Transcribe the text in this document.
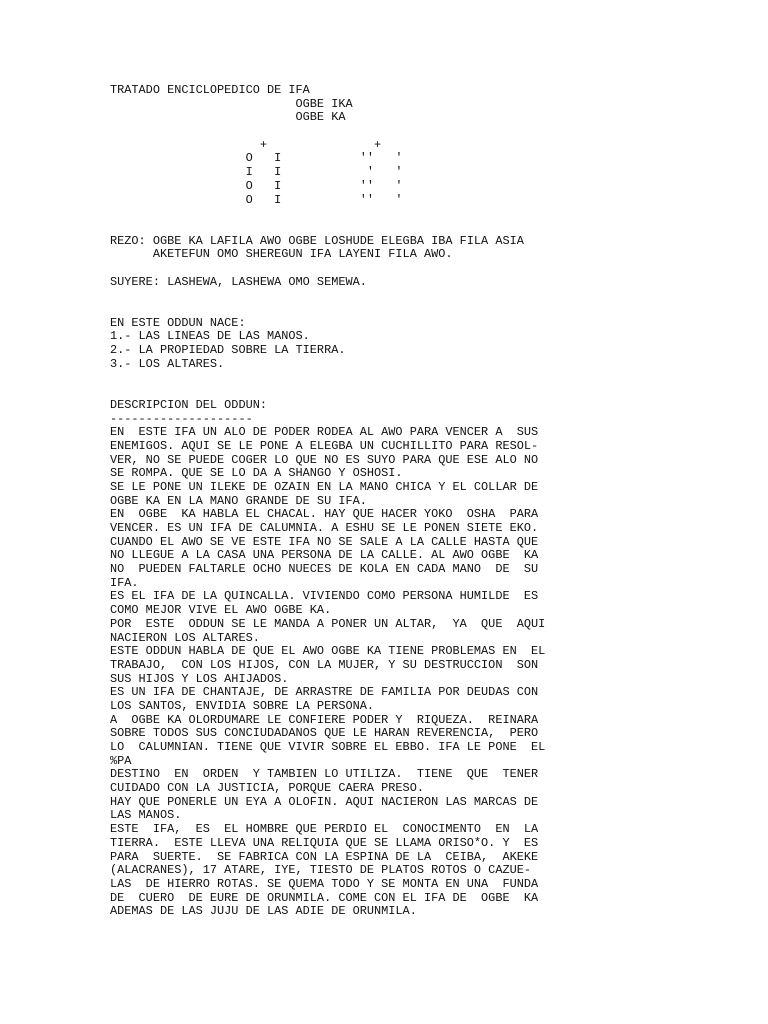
TRATADO ENCICLOPEDICO DE IFA
OGBE IKA
OGBE KA
+               +
O   I           ''   '
I   I            '   '
O   I           ''   '
O   I           ''   '
REZO: OGBE KA LAFILA AWO OGBE LOSHUDE ELEGBA IBA FILA ASIA
AKETEFUN OMO SHEREGUN IFA LAYENI FILA AWO.
SUYERE: LASHEWA, LASHEWA OMO SEMEWA.
EN ESTE ODDUN NACE:
1.- LAS LINEAS DE LAS MANOS.
2.- LA PROPIEDAD SOBRE LA TIERRA.
3.- LOS ALTARES.
DESCRIPCION DEL ODDUN:
--------------------
EN  ESTE IFA UN ALO DE PODER RODEA AL AWO PARA VENCER A  SUS
ENEMIGOS. AQUI SE LE PONE A ELEGBA UN CUCHILLITO PARA RESOL-
VER, NO SE PUEDE COGER LO QUE NO ES SUYO PARA QUE ESE ALO NO
SE ROMPA. QUE SE LO DA A SHANGO Y OSHOSI.
SE LE PONE UN ILEKE DE OZAIN EN LA MANO CHICA Y EL COLLAR DE
OGBE KA EN LA MANO GRANDE DE SU IFA.
EN  OGBE  KA HABLA EL CHACAL. HAY QUE HACER YOKO  OSHA  PARA
VENCER. ES UN IFA DE CALUMNIA. A ESHU SE LE PONEN SIETE EKO.
CUANDO EL AWO SE VE ESTE IFA NO SE SALE A LA CALLE HASTA QUE
NO LLEGUE A LA CASA UNA PERSONA DE LA CALLE. AL AWO OGBE  KA
NO  PUEDEN FALTARLE OCHO NUECES DE KOLA EN CADA MANO  DE  SU
IFA.
ES EL IFA DE LA QUINCALLA. VIVIENDO COMO PERSONA HUMILDE  ES
COMO MEJOR VIVE EL AWO OGBE KA.
POR  ESTE  ODDUN SE LE MANDA A PONER UN ALTAR,  YA  QUE  AQUI
NACIERON LOS ALTARES.
ESTE ODDUN HABLA DE QUE EL AWO OGBE KA TIENE PROBLEMAS EN  EL
TRABAJO,  CON LOS HIJOS, CON LA MUJER, Y SU DESTRUCCION  SON
SUS HIJOS Y LOS AHIJADOS.
ES UN IFA DE CHANTAJE, DE ARRASTRE DE FAMILIA POR DEUDAS CON
LOS SANTOS, ENVIDIA SOBRE LA PERSONA.
A  OGBE KA OLORDUMARE LE CONFIERE PODER Y  RIQUEZA.  REINARA
SOBRE TODOS SUS CONCIUDADANOS QUE LE HARAN REVERENCIA,  PERO
LO  CALUMNIAN. TIENE QUE VIVIR SOBRE EL EBBO. IFA LE PONE  EL
%PA
DESTINO  EN  ORDEN  Y TAMBIEN LO UTILIZA.  TIENE  QUE  TENER
CUIDADO CON LA JUSTICIA, PORQUE CAERA PRESO.
HAY QUE PONERLE UN EYA A OLOFIN. AQUI NACIERON LAS MARCAS DE
LAS MANOS.
ESTE  IFA,  ES  EL HOMBRE QUE PERDIO EL  CONOCIMENTO  EN  LA
TIERRA.  ESTE LLEVA UNA RELIQUIA QUE SE LLAMA ORISO*O. Y  ES
PARA  SUERTE.  SE FABRICA CON LA ESPINA DE LA  CEIBA,  AKEKE
(ALACRANES), 17 ATARE, IYE, TIESTO DE PLATOS ROTOS O CAZUE-
LAS  DE HIERRO ROTAS. SE QUEMA TODO Y SE MONTA EN UNA  FUNDA
DE  CUERO  DE EURE DE ORUNMILA. COME CON EL IFA DE  OGBE  KA
ADEMAS DE LAS JUJU DE LAS ADIE DE ORUNMILA.
